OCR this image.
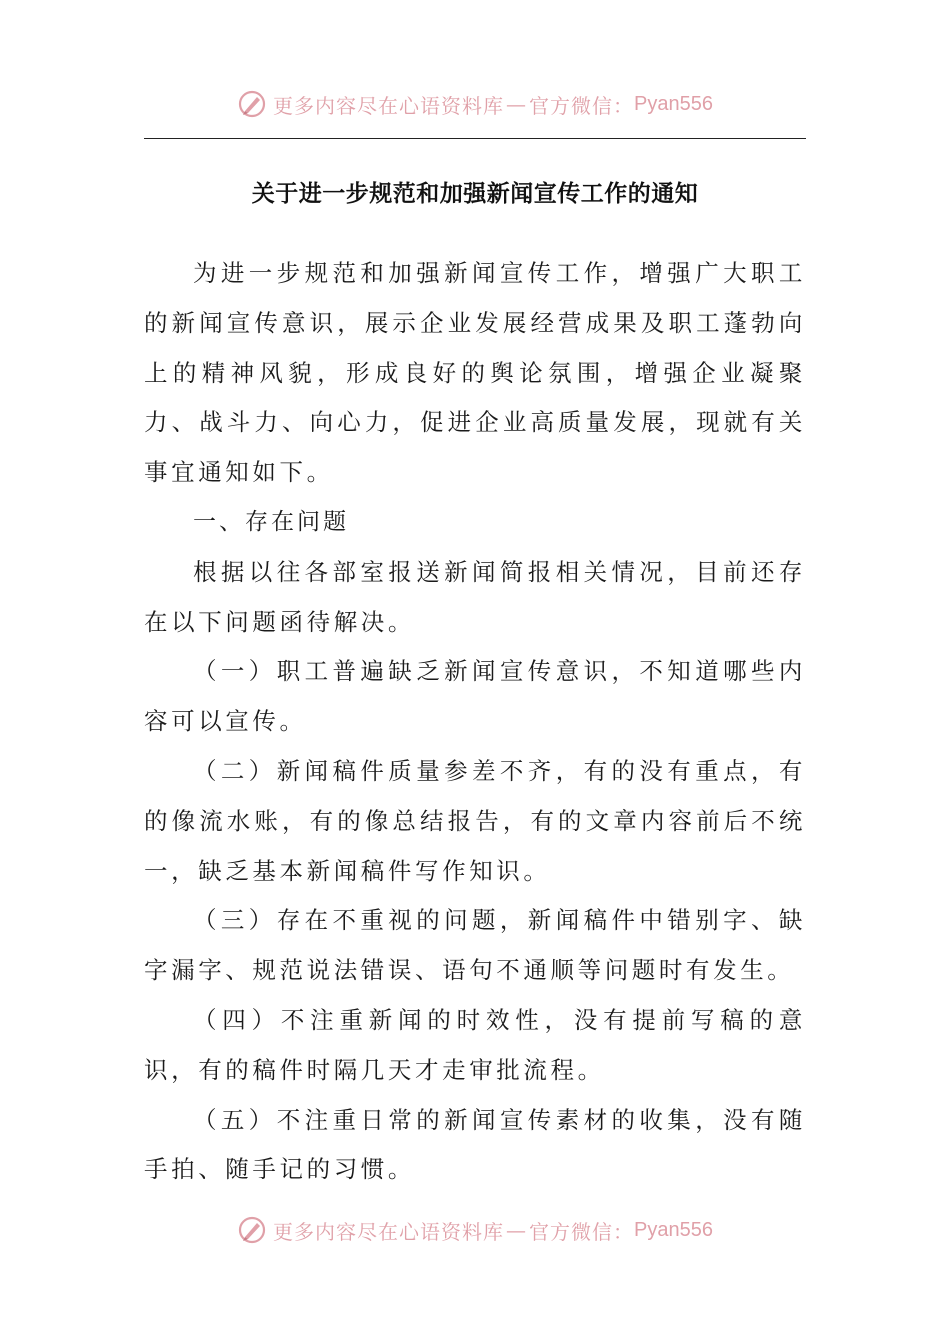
更多内容尽在心语资料库 — 官方微信： Pyan556
关于进一步规范和加强新闻宣传工作的通知

为进一步规范和加强新闻宣传工作，增强广大职工的新闻宣传意识，展示企业发展经营成果及职工蓬勃向上的精神风貌，形成良好的舆论氛围，增强企业凝聚力、战斗力、向心力，促进企业高质量发展，现就有关事宜通知如下。

一、存在问题

根据以往各部室报送新闻简报相关情况，目前还存在以下问题函待解决。

（一）职工普遍缺乏新闻宣传意识，不知道哪些内容可以宣传。

（二）新闻稿件质量参差不齐，有的没有重点，有的像流水账，有的像总结报告，有的文章内容前后不统一，缺乏基本新闻稿件写作知识。

（三）存在不重视的问题，新闻稿件中错别字、缺字漏字、规范说法错误、语句不通顺等问题时有发生。

（四）不注重新闻的时效性，没有提前写稿的意识，有的稿件时隔几天才走审批流程。

（五）不注重日常的新闻宣传素材的收集，没有随手拍、随手记的习惯。

更多内容尽在心语资料库 — 官方微信： Pyan556
